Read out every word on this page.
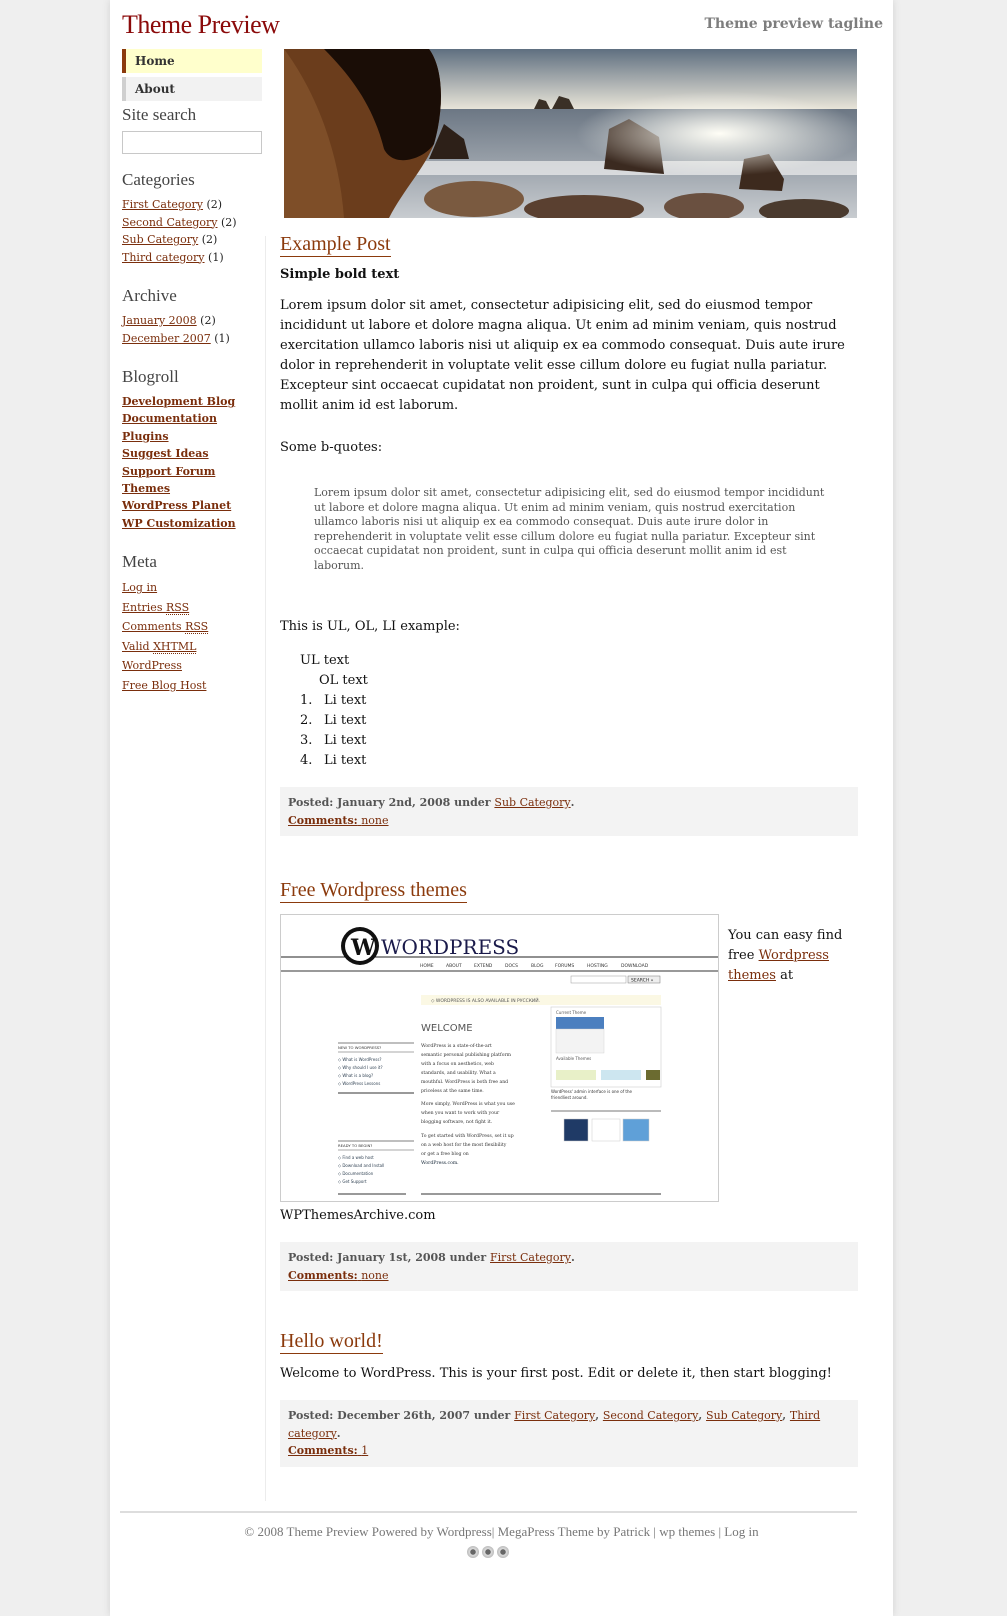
Theme Preview	Theme preview tagline
Home
About
Site search
Categories
First Category (2)
Second Category (2)
Sub Category (2)
Third category (1)
Archive
January 2008 (2)
December 2007 (1)
Blogroll
Development Blog
Documentation
Plugins
Suggest Ideas
Support Forum
Themes
WordPress Planet
WP Customization
Meta
Log in
Entries RSS
Comments RSS
Valid XHTML
WordPress
Free Blog Host
Example Post
Simple bold text

Lorem ipsum dolor sit amet, consectetur adipisicing elit, sed do eiusmod tempor incididunt ut labore et dolore magna aliqua. Ut enim ad minim veniam, quis nostrud exercitation ullamco laboris nisi ut aliquip ex ea commodo consequat. Duis aute irure dolor in reprehenderit in voluptate velit esse cillum dolore eu fugiat nulla pariatur. Excepteur sint occaecat cupidatat non proident, sunt in culpa qui officia deserunt mollit anim id est laborum.

Some b-quotes:

Lorem ipsum dolor sit amet, consectetur adipisicing elit, sed do eiusmod tempor incididunt ut labore et dolore magna aliqua. Ut enim ad minim veniam, quis nostrud exercitation ullamco laboris nisi ut aliquip ex ea commodo consequat. Duis aute irure dolor in reprehenderit in voluptate velit esse cillum dolore eu fugiat nulla pariatur. Excepteur sint occaecat cupidatat non proident, sunt in culpa qui officia deserunt mollit anim id est laborum.

This is UL, OL, LI example:

UL text
OL text
1. Li text
2. Li text
3. Li text
4. Li text
Posted: January 2nd, 2008 under Sub Category.
Comments: none
Free Wordpress themes
W WORDPRESS
HOME	ABOUT	EXTEND	DOCS	BLOG	FORUMS	HOSTING	DOWNLOAD
SEARCH »
◇ WORDPRESS IS ALSO AVAILABLE IN РУССКИЙ.
WELCOME
NEW TO WORDPRESS?
◇ What is WordPress?
◇ Why should I use it?
◇ What is a blog?
◇ WordPress Lessons
READY TO BEGIN?
◇ Find a web host
◇ Download and Install
◇ Documentation
◇ Get Support
WordPress is a state-of-the-art
semantic personal publishing platform
with a focus on aesthetics, web
standards, and usability. What a
mouthful. WordPress is both free and
priceless at the same time.
More simply, WordPress is what you use
when you want to work with your
blogging software, not fight it.
To get started with WordPress, set it up
on a web host for the most flexibility
or get a free blog on
WordPress.com.
Current Theme
Available Themes
WordPress' admin interface is one of the
friendliest around.
You can easy find free Wordpress themes at
WPThemesArchive.com
Posted: January 1st, 2008 under First Category.
Comments: none
Hello world!

Welcome to WordPress. This is your first post. Edit or delete it, then start blogging!

Posted: December 26th, 2007 under First Category, Second Category, Sub Category, Third category.
Comments: 1
© 2008 Theme Preview Powered by Wordpress| MegaPress Theme by Patrick | wp themes | Log in
